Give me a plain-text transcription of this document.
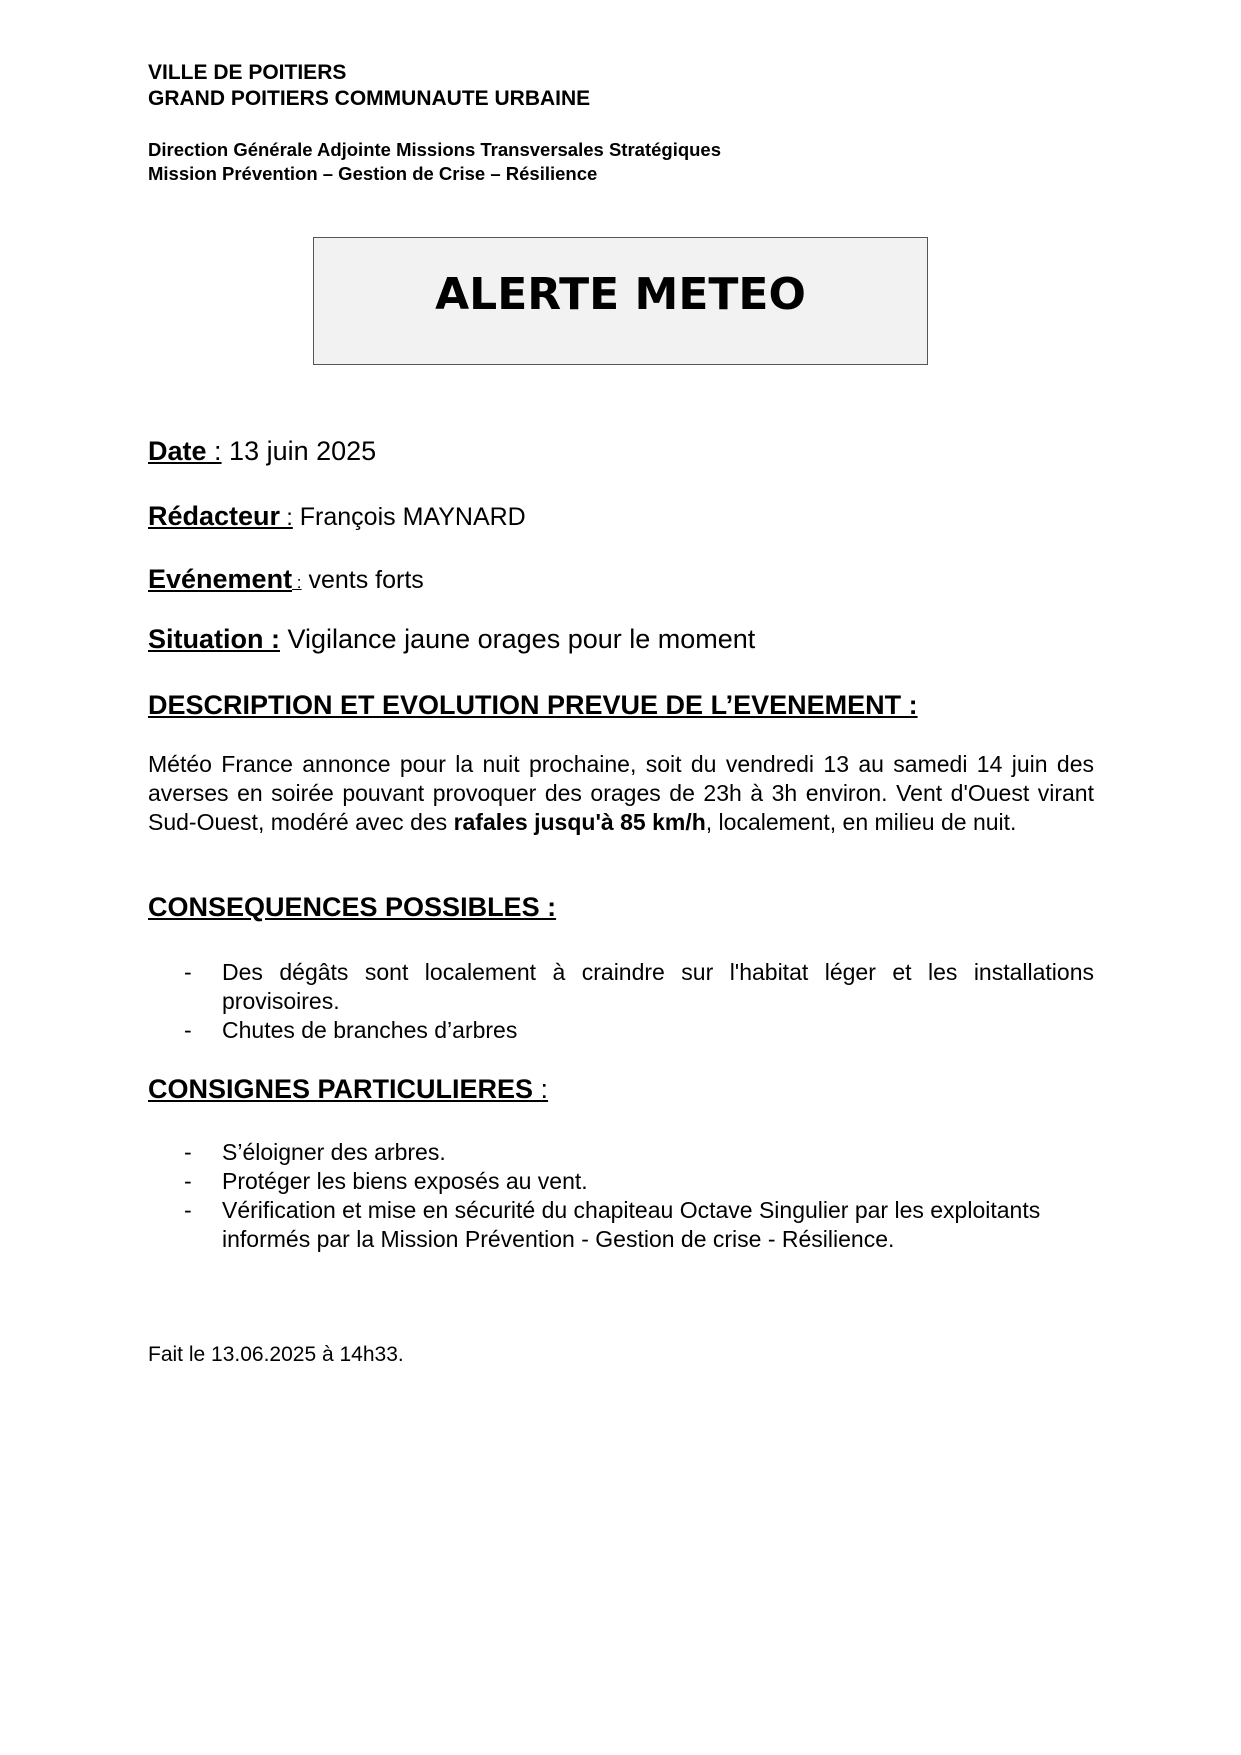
VILLE DE POITIERS
GRAND POITIERS COMMUNAUTE URBAINE
Direction Générale Adjointe Missions Transversales Stratégiques
Mission Prévention – Gestion de Crise – Résilience
ALERTE METEO
Date : 13 juin 2025
Rédacteur : François MAYNARD
Evénement : vents forts
Situation : Vigilance jaune orages pour le moment
DESCRIPTION ET EVOLUTION PREVUE DE L’EVENEMENT :

Météo France annonce pour la nuit prochaine, soit du vendredi 13 au samedi 14 juin des averses en soirée pouvant provoquer des orages de 23h à 3h environ. Vent d'Ouest virant Sud-Ouest, modéré avec des rafales jusqu'à 85 km/h, localement, en milieu de nuit.

CONSEQUENCES POSSIBLES :
- Des dégâts sont localement à craindre sur l'habitat léger et les installations provisoires.
- Chutes de branches d’arbres
CONSIGNES PARTICULIERES :
- S’éloigner des arbres.
- Protéger les biens exposés au vent.
- Vérification et mise en sécurité du chapiteau Octave Singulier par les exploitants informés par la Mission Prévention - Gestion de crise - Résilience.
Fait le 13.06.2025 à 14h33.
